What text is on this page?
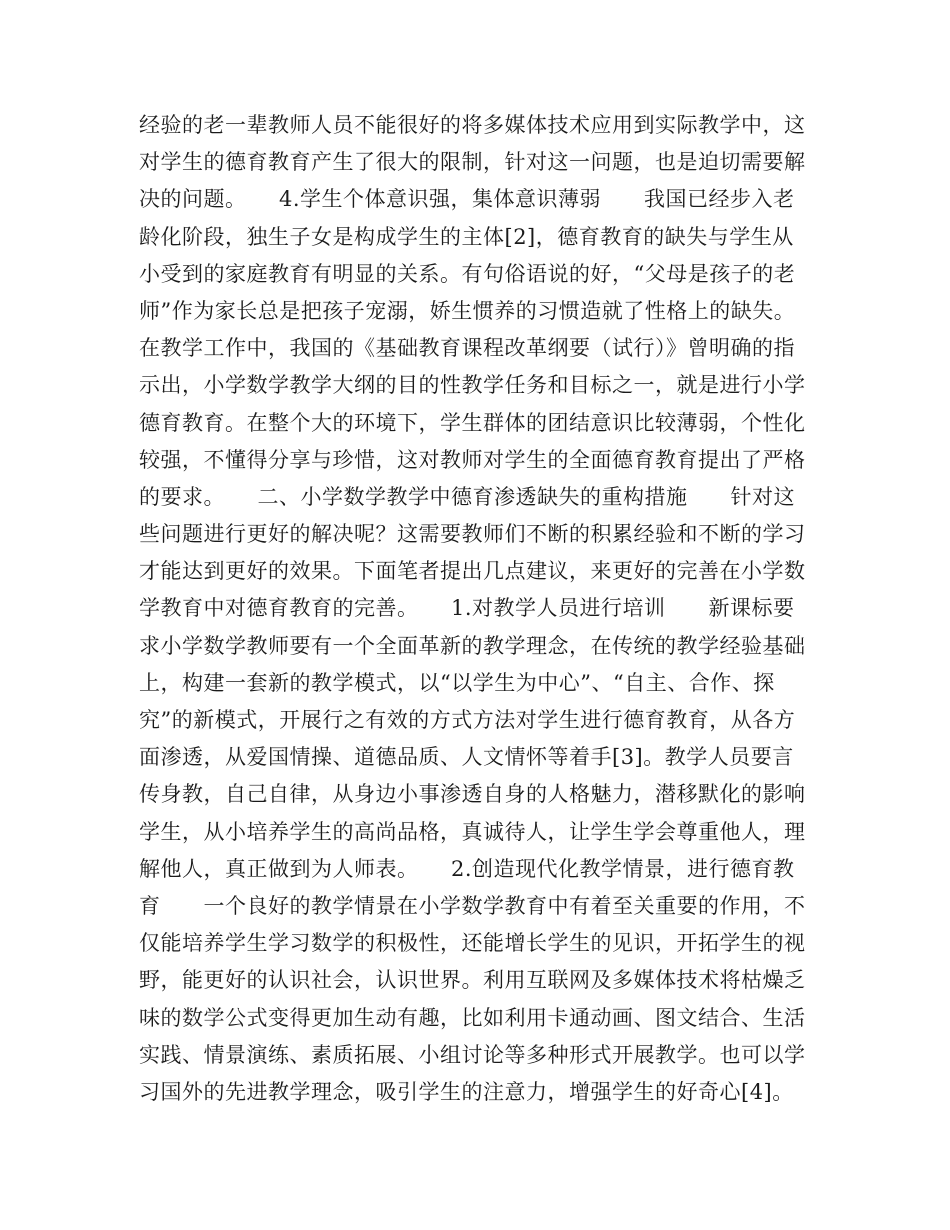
经验的老一辈教师人员不能很好的将多媒体技术应用到实际教学中，这
对学生的德育教育产生了很大的限制，针对这一问题，也是迫切需要解
决的问题。　　4.学生个体意识强，集体意识薄弱　　我国已经步入老
龄化阶段，独生子女是构成学生的主体[2]，德育教育的缺失与学生从
小受到的家庭教育有明显的关系。有句俗语说的好，“父母是孩子的老
师”作为家长总是把孩子宠溺，娇生惯养的习惯造就了性格上的缺失。
在教学工作中，我国的《基础教育课程改革纲要（试行）》曾明确的指
示出，小学数学教学大纲的目的性教学任务和目标之一，就是进行小学
德育教育。在整个大的环境下，学生群体的团结意识比较薄弱，个性化
较强，不懂得分享与珍惜，这对教师对学生的全面德育教育提出了严格
的要求。　　二、小学数学教学中德育渗透缺失的重构措施　　针对这
些问题进行更好的解决呢？这需要教师们不断的积累经验和不断的学习
才能达到更好的效果。下面笔者提出几点建议，来更好的完善在小学数
学教育中对德育教育的完善。　　1.对教学人员进行培训　　新课标要
求小学数学教师要有一个全面革新的教学理念，在传统的教学经验基础
上，构建一套新的教学模式，以“以学生为中心”、“自主、合作、探
究”的新模式，开展行之有效的方式方法对学生进行德育教育，从各方
面渗透，从爱国情操、道德品质、人文情怀等着手[3]。教学人员要言
传身教，自己自律，从身边小事渗透自身的人格魅力，潜移默化的影响
学生，从小培养学生的高尚品格，真诚待人，让学生学会尊重他人，理
解他人，真正做到为人师表。　　2.创造现代化教学情景，进行德育教
育　　一个良好的教学情景在小学数学教育中有着至关重要的作用，不
仅能培养学生学习数学的积极性，还能增长学生的见识，开拓学生的视
野，能更好的认识社会，认识世界。利用互联网及多媒体技术将枯燥乏
味的数学公式变得更加生动有趣，比如利用卡通动画、图文结合、生活
实践、情景演练、素质拓展、小组讨论等多种形式开展教学。也可以学
习国外的先进教学理念，吸引学生的注意力，增强学生的好奇心[4]。
